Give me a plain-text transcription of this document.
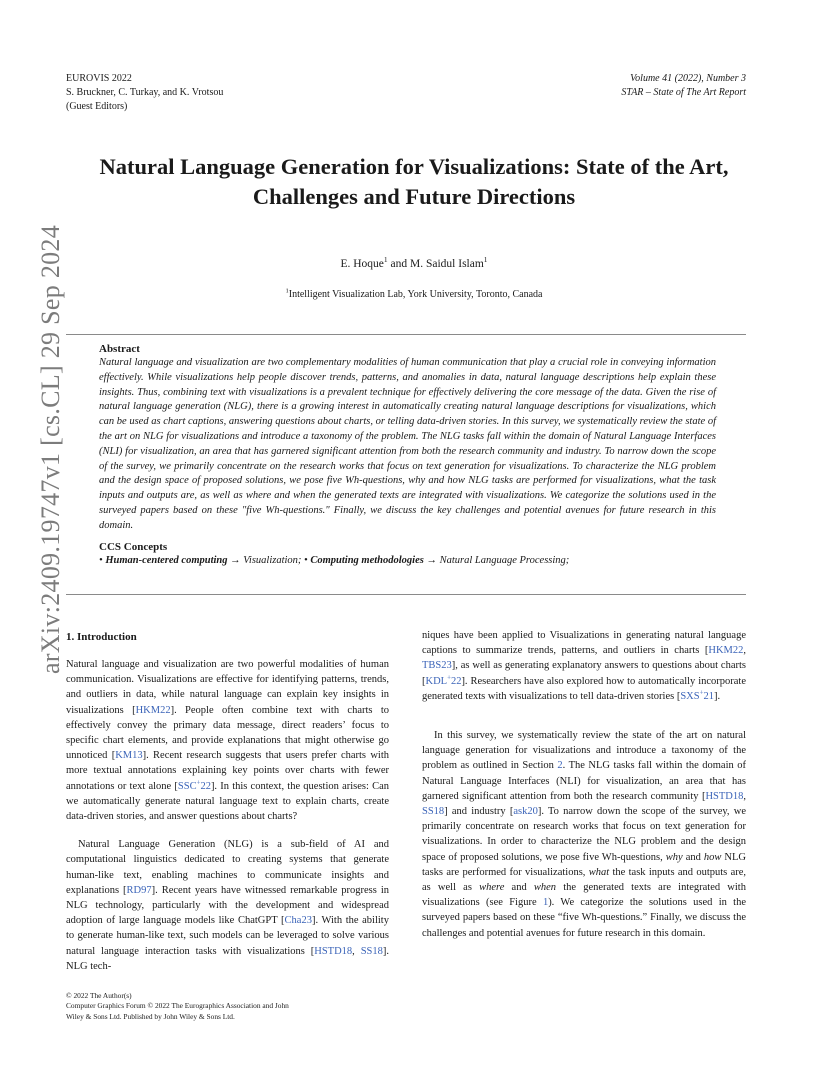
EUROVIS 2022
S. Bruckner, C. Turkay, and K. Vrotsou
(Guest Editors)
Volume 41 (2022), Number 3
STAR – State of The Art Report
Natural Language Generation for Visualizations: State of the Art,
Challenges and Future Directions
E. Hoque$^1$ and M. Saidul Islam$^1$
$^1$Intelligent Visualization Lab, York University, Toronto, Canada
Abstract

Natural language and visualization are two complementary modalities of human communication that play a crucial role in conveying information effectively. While visualizations help people discover trends, patterns, and anomalies in data, natural language descriptions help explain these insights. Thus, combining text with visualizations is a prevalent technique for effectively delivering the core message of the data. Given the rise of natural language generation (NLG), there is a growing interest in automatically creating natural language descriptions for visualizations, which can be used as chart captions, answering questions about charts, or telling data-driven stories. In this survey, we systematically review the state of the art on NLG for visualizations and introduce a taxonomy of the problem. The NLG tasks fall within the domain of Natural Language Interfaces (NLI) for visualization, an area that has garnered significant attention from both the research community and industry. To narrow down the scope of the survey, we primarily concentrate on the research works that focus on text generation for visualizations. To characterize the NLG problem and the design space of proposed solutions, we pose five Wh-questions, why and how NLG tasks are performed for visualizations, what the task inputs and outputs are, as well as where and when the generated texts are integrated with visualizations. We categorize the solutions used in the surveyed papers based on these "five Wh-questions." Finally, we discuss the key challenges and potential avenues for future research in this domain.

CCS Concepts
• Human-centered computing → Visualization; • Computing methodologies → Natural Language Processing;
1. Introduction

Natural language and visualization are two powerful modalities of human communication. Visualizations are effective for identifying patterns, trends, and outliers in data, while natural language can explain key insights in visualizations [HKM22]. People often combine text with charts to effectively convey the primary data message, direct readers’ focus to specific chart elements, and provide explanations that might otherwise go unnoticed [KM13]. Recent research suggests that users prefer charts with more textual annotations explaining key points over charts with fewer annotations or text alone [SSC+22]. In this context, the question arises: Can we automatically generate natural language text to explain charts, create data-driven stories, and answer questions about charts?

Natural Language Generation (NLG) is a sub-field of AI and computational linguistics dedicated to creating systems that generate human-like text, enabling machines to communicate insights and explanations [RD97]. Recent years have witnessed remarkable progress in NLG technology, particularly with the development and widespread adoption of large language models like ChatGPT [Cha23]. With the ability to generate human-like text, such models can be leveraged to solve various natural language interaction tasks with visualizations [HSTD18, SS18]. NLG tech-

niques have been applied to Visualizations in generating natural language captions to summarize trends, patterns, and outliers in charts [HKM22, TBS23], as well as generating explanatory answers to questions about charts [KDL+22]. Researchers have also explored how to automatically incorporate generated texts with visualizations to tell data-driven stories [SXS+21].

In this survey, we systematically review the state of the art on natural language generation for visualizations and introduce a taxonomy of the problem as outlined in Section 2. The NLG tasks fall within the domain of Natural Language Interfaces (NLI) for visualization, an area that has garnered significant attention from both the research community [HSTD18, SS18] and industry [ask20]. To narrow down the scope of the survey, we primarily concentrate on research works that focus on text generation for visualizations. In order to characterize the NLG problem and the design space of proposed solutions, we pose five Wh-questions, why and how NLG tasks are performed for visualizations, what the task inputs and outputs are, as well as where and when the generated texts are integrated with visualizations (see Figure 1). We categorize the solutions used in the surveyed papers based on these “five Wh-questions.” Finally, we discuss the challenges and potential avenues for future research in this domain.

© 2022 The Author(s)
Computer Graphics Forum © 2022 The Eurographics Association and John
Wiley & Sons Ltd. Published by John Wiley & Sons Ltd.
arXiv:2409.19747v1 [cs.CL] 29 Sep 2024
